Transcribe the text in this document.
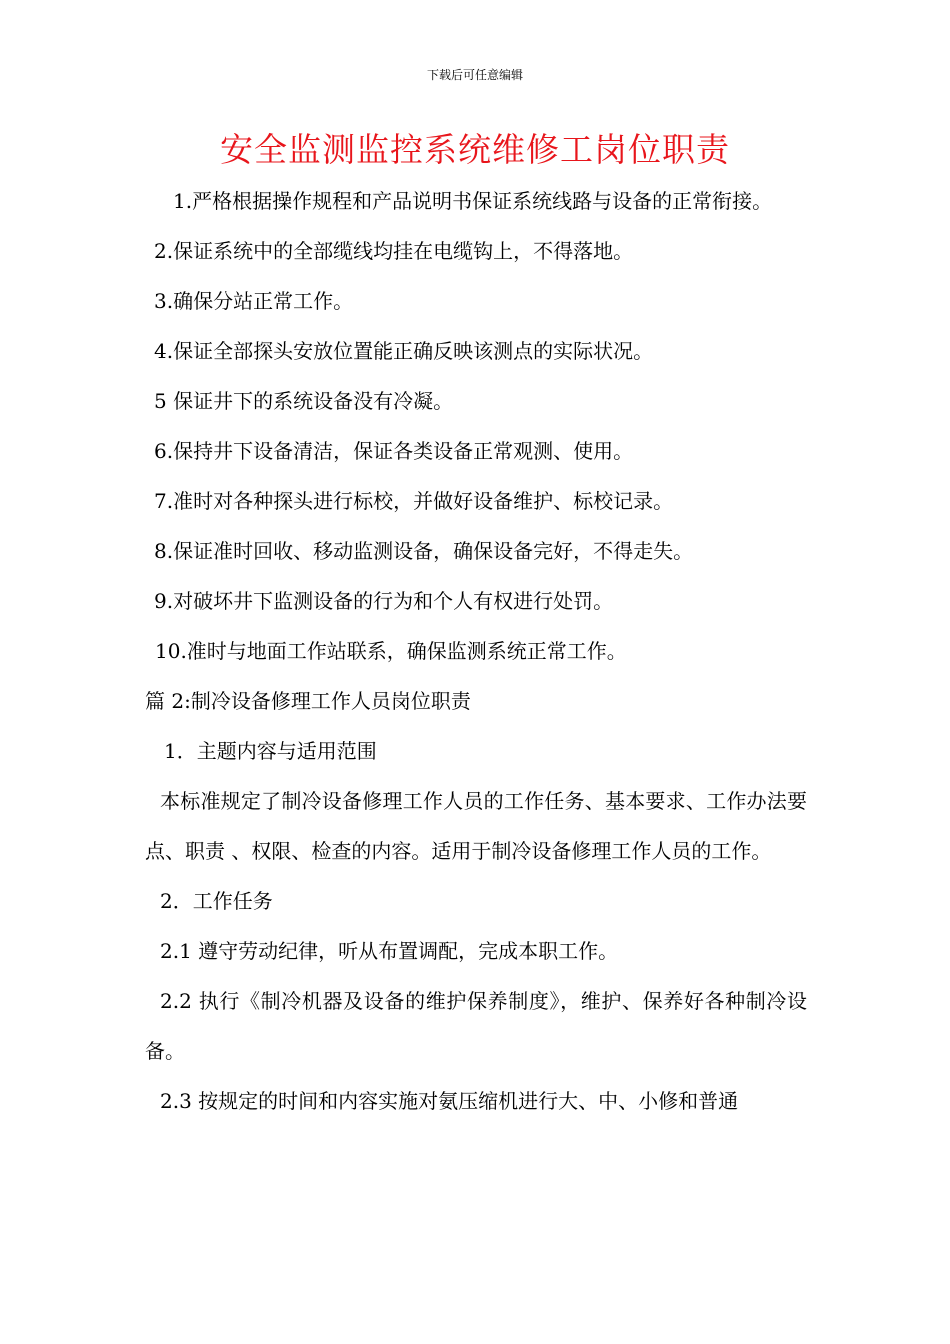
下载后可任意编辑
安全监测监控系统维修工岗位职责

1.严格根据操作规程和产品说明书保证系统线路与设备的正常衔接。

2.保证系统中的全部缆线均挂在电缆钩上，不得落地。

3.确保分站正常工作。

4.保证全部探头安放位置能正确反映该测点的实际状况。

5 保证井下的系统设备没有冷凝。

6.保持井下设备清洁，保证各类设备正常观测、使用。

7.准时对各种探头进行标校，并做好设备维护、标校记录。

8.保证准时回收、移动监测设备，确保设备完好，不得走失。

9.对破坏井下监测设备的行为和个人有权进行处罚。

10.准时与地面工作站联系，确保监测系统正常工作。

篇 2:制冷设备修理工作人员岗位职责

1．主题内容与适用范围

本标准规定了制冷设备修理工作人员的工作任务、基本要求、工作办法要点、职责 、权限、检查的内容。适用于制冷设备修理工作人员的工作。

2．工作任务

2.1 遵守劳动纪律，听从布置调配，完成本职工作。

2.2 执行《制冷机器及设备的维护保养制度》，维护、保养好各种制冷设备。

2.3 按规定的时间和内容实施对氨压缩机进行大、中、小修和普通
